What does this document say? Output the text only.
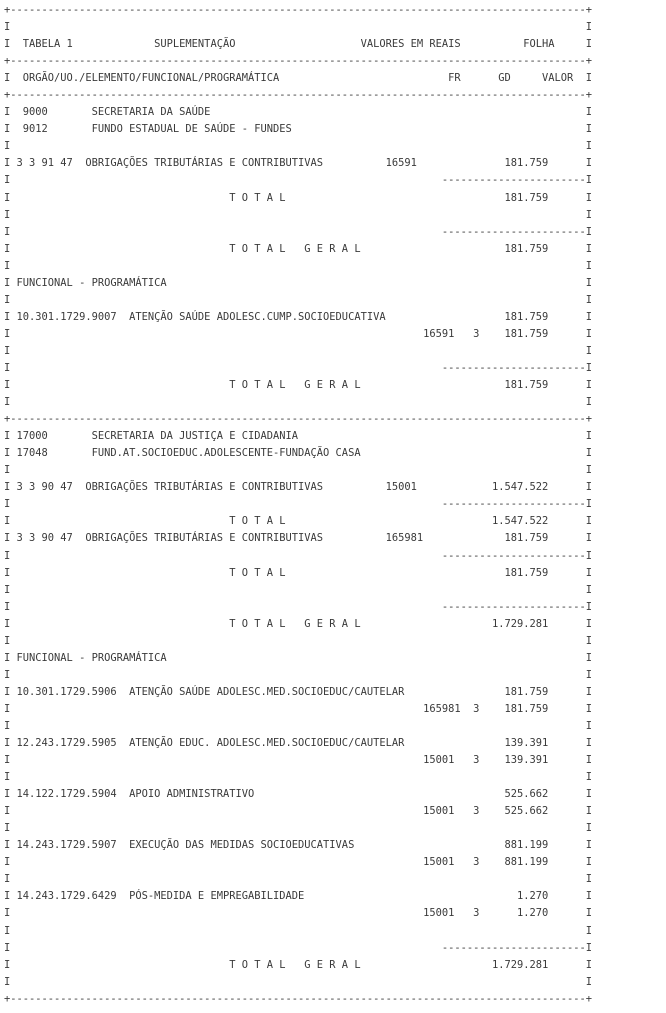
+--------------------------------------------------------------------------------------------+
I                                                                                            I
I  TABELA 1             SUPLEMENTAÇÃO                    VALORES EM REAIS          FOLHA     I
+--------------------------------------------------------------------------------------------+
I  ORGÃO/UO./ELEMENTO/FUNCIONAL/PROGRAMÁTICA                           FR      GD     VALOR  I
+--------------------------------------------------------------------------------------------+
I  9000       SECRETARIA DA SAÚDE                                                            I
I  9012       FUNDO ESTADUAL DE SAÚDE - FUNDES                                               I
I                                                                                            I
I 3 3 91 47  OBRIGAÇÕES TRIBUTÁRIAS E CONTRIBUTIVAS          16591              181.759      I
I                                                                     -----------------------I
I                                   T O T A L                                   181.759      I
I                                                                                            I
I                                                                     -----------------------I
I                                   T O T A L   G E R A L                       181.759      I
I                                                                                            I
I FUNCIONAL - PROGRAMÁTICA                                                                   I
I                                                                                            I
I 10.301.1729.9007  ATENÇÃO SAÚDE ADOLESC.CUMP.SOCIOEDUCATIVA                   181.759      I
I                                                                  16591   3    181.759      I
I                                                                                            I
I                                                                     -----------------------I
I                                   T O T A L   G E R A L                       181.759      I
I                                                                                            I
+--------------------------------------------------------------------------------------------+
I 17000       SECRETARIA DA JUSTIÇA E CIDADANIA                                              I
I 17048       FUND.AT.SOCIOEDUC.ADOLESCENTE-FUNDAÇÃO CASA                                    I
I                                                                                            I
I 3 3 90 47  OBRIGAÇÕES TRIBUTÁRIAS E CONTRIBUTIVAS          15001            1.547.522      I
I                                                                     -----------------------I
I                                   T O T A L                                 1.547.522      I
I 3 3 90 47  OBRIGAÇÕES TRIBUTÁRIAS E CONTRIBUTIVAS          165981             181.759      I
I                                                                     -----------------------I
I                                   T O T A L                                   181.759      I
I                                                                                            I
I                                                                     -----------------------I
I                                   T O T A L   G E R A L                     1.729.281      I
I                                                                                            I
I FUNCIONAL - PROGRAMÁTICA                                                                   I
I                                                                                            I
I 10.301.1729.5906  ATENÇÃO SAÚDE ADOLESC.MED.SOCIOEDUC/CAUTELAR                181.759      I
I                                                                  165981  3    181.759      I
I                                                                                            I
I 12.243.1729.5905  ATENÇÃO EDUC. ADOLESC.MED.SOCIOEDUC/CAUTELAR                139.391      I
I                                                                  15001   3    139.391      I
I                                                                                            I
I 14.122.1729.5904  APOIO ADMINISTRATIVO                                        525.662      I
I                                                                  15001   3    525.662      I
I                                                                                            I
I 14.243.1729.5907  EXECUÇÃO DAS MEDIDAS SOCIOEDUCATIVAS                        881.199      I
I                                                                  15001   3    881.199      I
I                                                                                            I
I 14.243.1729.6429  PÓS-MEDIDA E EMPREGABILIDADE                                  1.270      I
I                                                                  15001   3      1.270      I
I                                                                                            I
I                                                                     -----------------------I
I                                   T O T A L   G E R A L                     1.729.281      I
I                                                                                            I
+--------------------------------------------------------------------------------------------+
